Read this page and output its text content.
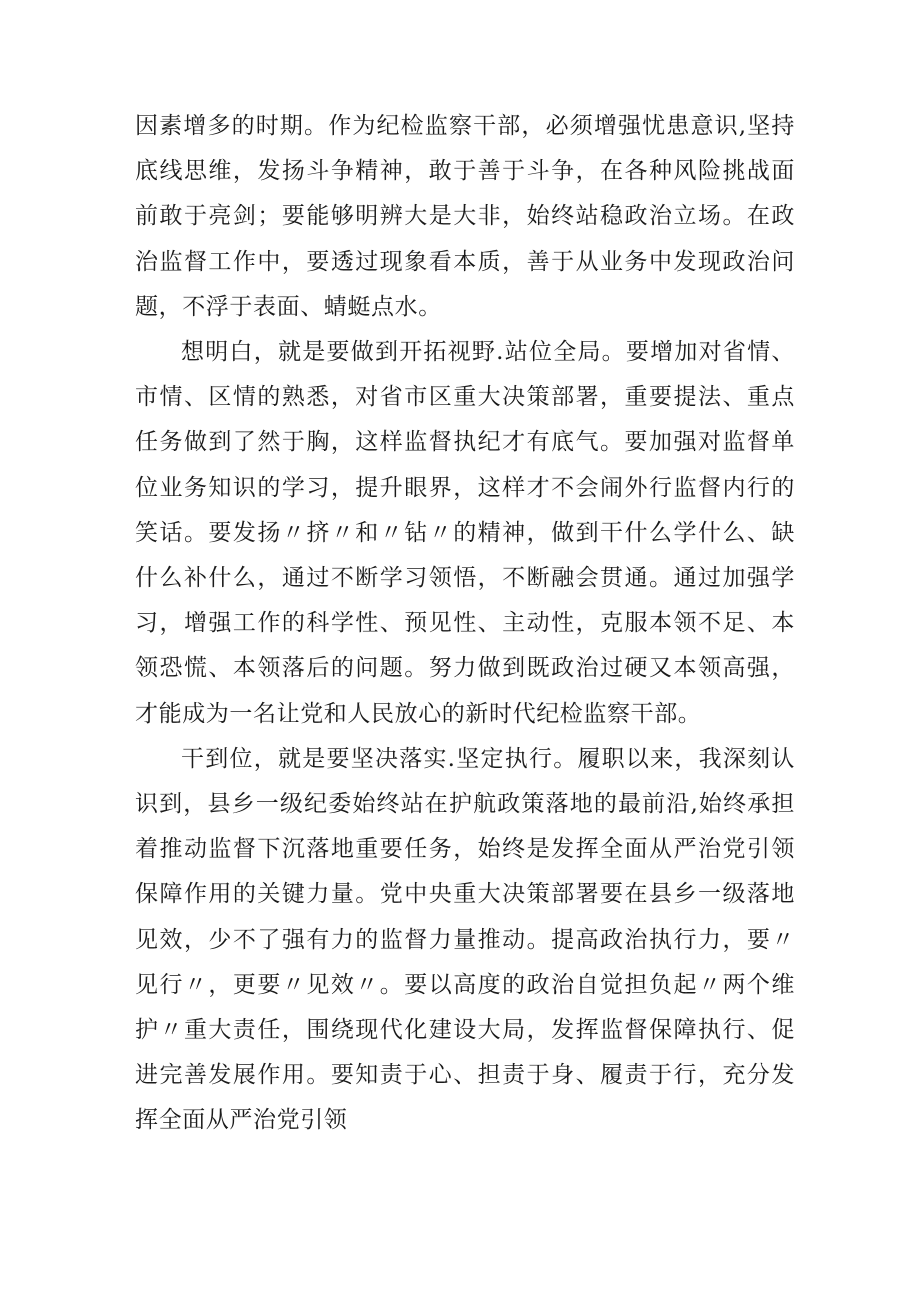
因素增多的时期。作为纪检监察干部，必须增强忧患意识,坚持底线思维，发扬斗争精神，敢于善于斗争，在各种风险挑战面前敢于亮剑；要能够明辨大是大非，始终站稳政治立场。在政治监督工作中，要透过现象看本质，善于从业务中发现政治问题，不浮于表面、蜻蜓点水。

想明白，就是要做到开拓视野.站位全局。要增加对省情、市情、区情的熟悉，对省市区重大决策部署，重要提法、重点任务做到了然于胸，这样监督执纪才有底气。要加强对监督单位业务知识的学习，提升眼界，这样才不会闹外行监督内行的笑话。要发扬〃挤〃和〃钻〃的精神，做到干什么学什么、缺什么补什么，通过不断学习领悟，不断融会贯通。通过加强学习，增强工作的科学性、预见性、主动性，克服本领不足、本领恐慌、本领落后的问题。努力做到既政治过硬又本领高强，才能成为一名让党和人民放心的新时代纪检监察干部。

干到位，就是要坚决落实.坚定执行。履职以来，我深刻认识到，县乡一级纪委始终站在护航政策落地的最前沿,始终承担着推动监督下沉落地重要任务，始终是发挥全面从严治党引领保障作用的关键力量。党中央重大决策部署要在县乡一级落地见效，少不了强有力的监督力量推动。提高政治执行力，要〃见行〃，更要〃见效〃。要以高度的政治自觉担负起〃两个维护〃重大责任，围绕现代化建设大局，发挥监督保障执行、促进完善发展作用。要知责于心、担责于身、履责于行，充分发挥全面从严治党引领
